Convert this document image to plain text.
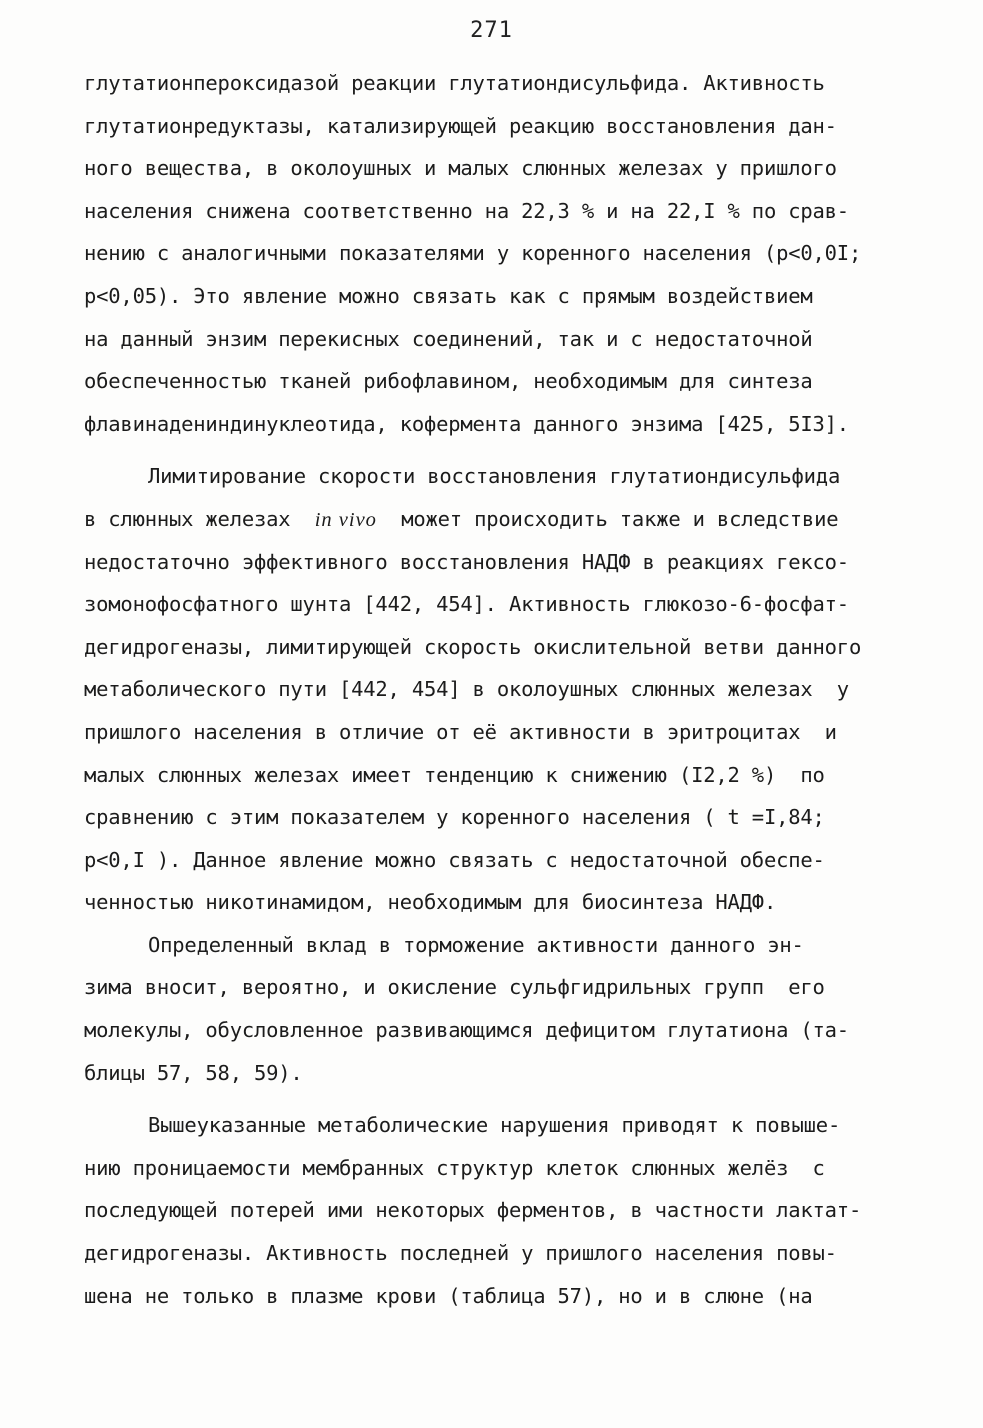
271
глутатионпероксидазой реакции глутатиондисульфида. Активность
глутатионредуктазы, катализирующей реакцию восстановления дан-
ного вещества, в околоушных и малых слюнных железах у пришлого
населения снижена соответственно на 22,3 % и на 22,I % по срав-
нению с аналогичными показателями у коренного населения (p<0,0I;
p<0,05). Это явление можно связать как с прямым воздействием
на данный энзим перекисных соединений, так и с недостаточной
обеспеченностью тканей рибофлавином, необходимым для синтеза
флавинадениндинуклеотида, кофермента данного энзима [425, 5I3].
Лимитирование скорости восстановления глутатиондисульфида
в слюнных железах in vivo может происходить также и вследствие
недостаточно эффективного восстановления НАДФ в реакциях гексо-
зомонофосфатного шунта [442, 454]. Активность глюкозо-6-фосфат-
дегидрогеназы, лимитирующей скорость окислительной ветви данного
метаболического пути [442, 454] в околоушных слюнных железах  у
пришлого населения в отличие от её активности в эритроцитах  и
малых слюнных железах имеет тенденцию к снижению (I2,2 %)  по
сравнению с этим показателем у коренного населения ( t =I,84;
p<0,I ). Данное явление можно связать с недостаточной обеспе-
ченностью никотинамидом, необходимым для биосинтеза НАДФ.
Определенный вклад в торможение активности данного эн-
зима вносит, вероятно, и окисление сульфгидрильных групп  его
молекулы, обусловленное развивающимся дефицитом глутатиона (та-
блицы 57, 58, 59).
Вышеуказанные метаболические нарушения приводят к повыше-
нию проницаемости мембранных структур клеток слюнных желёз  с
последующей потерей ими некоторых ферментов, в частности лактат-
дегидрогеназы. Активность последней у пришлого населения повы-
шена не только в плазме крови (таблица 57), но и в слюне (на
